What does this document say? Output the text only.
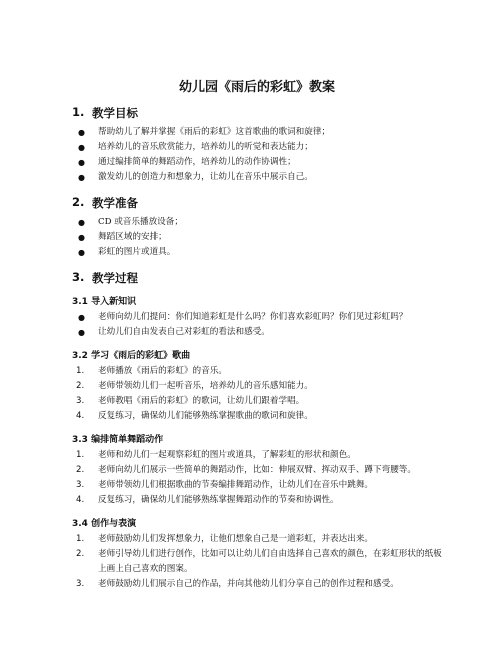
幼儿园《雨后的彩虹》教案
1. 教学目标
● 帮助幼儿了解并掌握《雨后的彩虹》这首歌曲的歌词和旋律；
● 培养幼儿的音乐欣赏能力，培养幼儿的听觉和表达能力；
● 通过编排简单的舞蹈动作，培养幼儿的动作协调性；
● 激发幼儿的创造力和想象力，让幼儿在音乐中展示自己。
2. 教学准备
● CD 或音乐播放设备；
● 舞蹈区域的安排；
● 彩虹的图片或道具。
3. 教学过程
3.1 导入新知识
● 老师向幼儿们提问：你们知道彩虹是什么吗？你们喜欢彩虹吗？你们见过彩虹吗？
● 让幼儿们自由发表自己对彩虹的看法和感受。
3.2 学习《雨后的彩虹》歌曲
1. 老师播放《雨后的彩虹》的音乐。
2. 老师带领幼儿们一起听音乐，培养幼儿的音乐感知能力。
3. 老师教唱《雨后的彩虹》的歌词，让幼儿们跟着学唱。
4. 反复练习，确保幼儿们能够熟练掌握歌曲的歌词和旋律。
3.3 编排简单舞蹈动作
1. 老师和幼儿们一起观察彩虹的图片或道具，了解彩虹的形状和颜色。
2. 老师向幼儿们展示一些简单的舞蹈动作，比如：伸展双臂、挥动双手、蹲下弯腰等。
3. 老师带领幼儿们根据歌曲的节奏编排舞蹈动作，让幼儿们在音乐中跳舞。
4. 反复练习，确保幼儿们能够熟练掌握舞蹈动作的节奏和协调性。
3.4 创作与表演
1. 老师鼓励幼儿们发挥想象力，让他们想象自己是一道彩虹，并表达出来。
2. 老师引导幼儿们进行创作，比如可以让幼儿们自由选择自己喜欢的颜色，在彩虹形状的纸板上画上自己喜欢的图案。
3. 老师鼓励幼儿们展示自己的作品，并向其他幼儿们分享自己的创作过程和感受。
